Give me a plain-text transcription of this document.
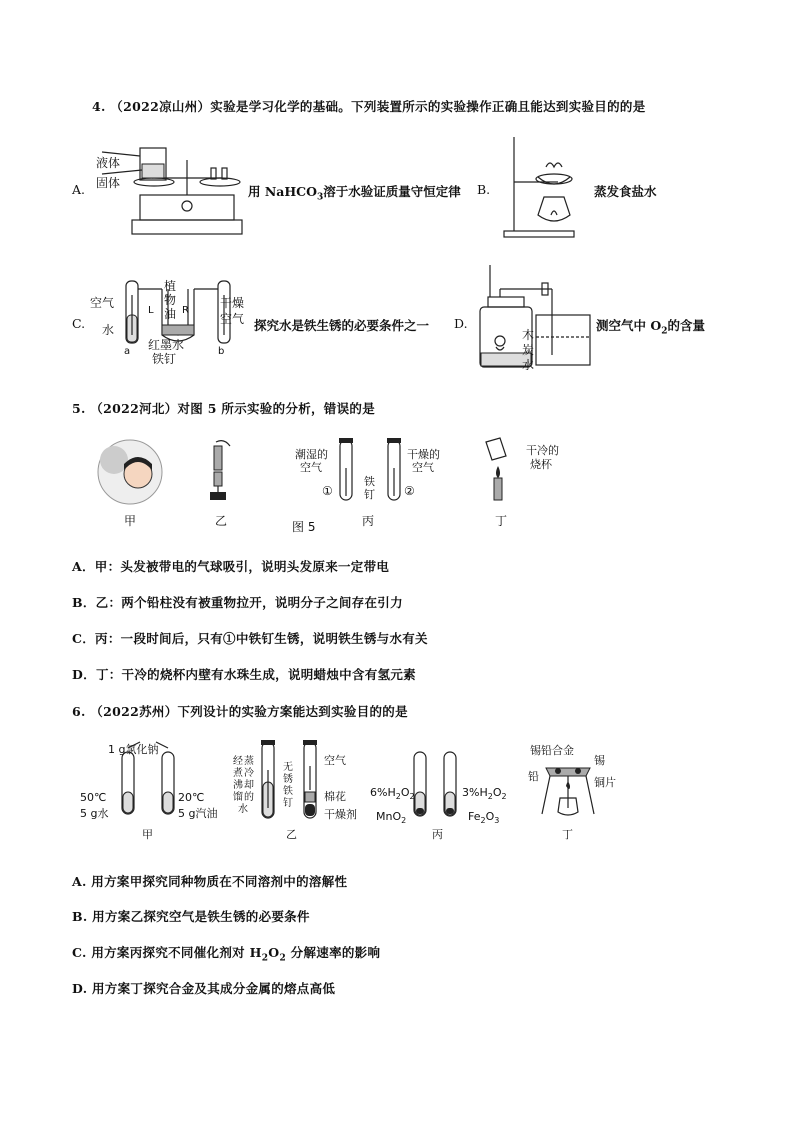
4. （2022凉山州）实验是学习化学的基础。下列装置所示的实验操作正确且能达到实验目的的是
A.
液体
固体
用 NaHCO$_3$溶于水验证质量守恒定律 B.	蒸发食盐水
C.
空气
水
植
物
油
L	R
干燥
空气
红墨水
铁钉
a	b
探究水是铁生锈的必要条件之一 D.
木
炭
水
测空气中 $O_2$的含量
5. （2022河北）对图 5 所示实验的分析，错误的是
甲	乙
潮湿的
空气
干燥的
空气
铁
钉
①	②
丙
图 5
干冷的
烧杯
丁
A．甲：头发被带电的气球吸引，说明头发原来一定带电
B．乙：两个铅柱没有被重物拉开，说明分子之间存在引力
C．丙：一段时间后，只有①中铁钉生锈，说明铁生锈与水有关
D．丁：干冷的烧杯内壁有水珠生成，说明蜡烛中含有氢元素
6. （2022苏州）下列设计的实验方案能达到实验目的的是
1 g氯化钠
50℃
5 g水
20℃
5 g汽油
甲
经
煮
沸
冷
却
的
蒸
馏
水
无
锈
铁
钉
空气
棉花
干燥剂
乙
$6\%H_2O_2$
MnO$_2$
$3\%H_2O_2$
$Fe_2O_3$
丙
锡铅合金
锡
铅	铜片
丁
A. 用方案甲探究同种物质在不同溶剂中的溶解性
B. 用方案乙探究空气是铁生锈的必要条件
C. 用方案丙探究不同催化剂对 $H_2O_2$ 分解速率的影响
D. 用方案丁探究合金及其成分金属的熔点高低
